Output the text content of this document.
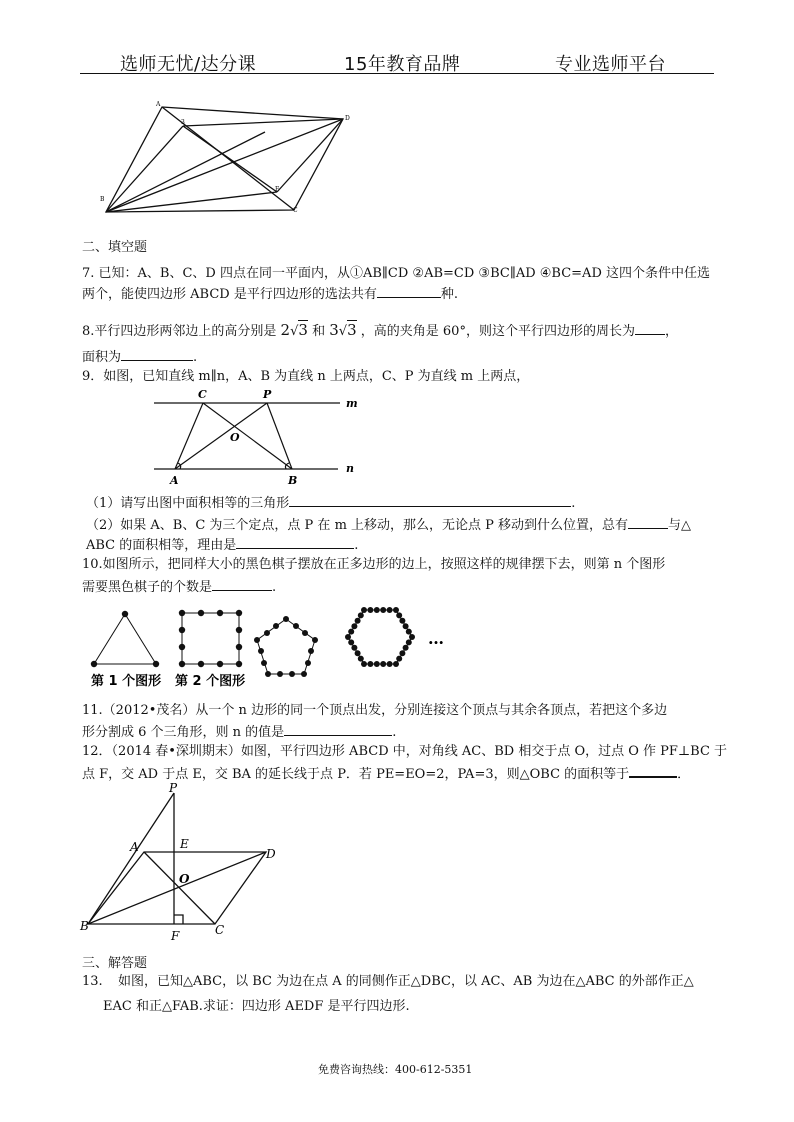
选师无忧/达分课	15年教育品牌	专业选师平台
A
3
D
B
F
C
二、填空题
7. 已知：A、B、C、D 四点在同一平面内，从①AB∥CD ②AB=CD ③BC∥AD ④BC=AD 这四个条件中任选
两个，能使四边形 ABCD 是平行四边形的选法共有	种.
8.平行四边形两邻边上的高分别是 2√3 和 3√3 ，高的夹角是 60°，则这个平行四边形的周长为 ，
面积为	.
9．如图，已知直线 m∥n，A、B 为直线 n 上两点，C、P 为直线 m 上两点，
C	P
m
O
A	B
n
（1）请写出图中面积相等的三角形	.
（2）如果 A、B、C 为三个定点，点 P 在 m 上移动，那么，无论点 P 移动到什么位置，总有	与△
ABC 的面积相等，理由是	.
10.如图所示，把同样大小的黑色棋子摆放在正多边形的边上，按照这样的规律摆下去，则第 n 个图形
需要黑色棋子的个数是	.
…
第 1 个图形 第 2 个图形
11.（2012•茂名）从一个 n 边形的同一个顶点出发，分别连接这个顶点与其余各顶点，若把这个多边
形分割成 6 个三角形，则 n 的值是	.
12．（2014 春•深圳期末）如图，平行四边形 ABCD 中，对角线 AC、BD 相交于点 O，过点 O 作 PF⊥BC 于
点 F，交 AD 于点 E，交 BA 的延长线于点 P．若 PE=EO=2，PA=3，则△OBC 的面积等于	．
P
A	E
D
O
B
F	C
三、解答题
13. 如图，已知△ABC，以 BC 为边在点 A 的同侧作正△DBC，以 AC、AB 为边在△ABC 的外部作正△
EAC 和正△FAB.求证：四边形 AEDF 是平行四边形.
免费咨询热线：400-612-5351
